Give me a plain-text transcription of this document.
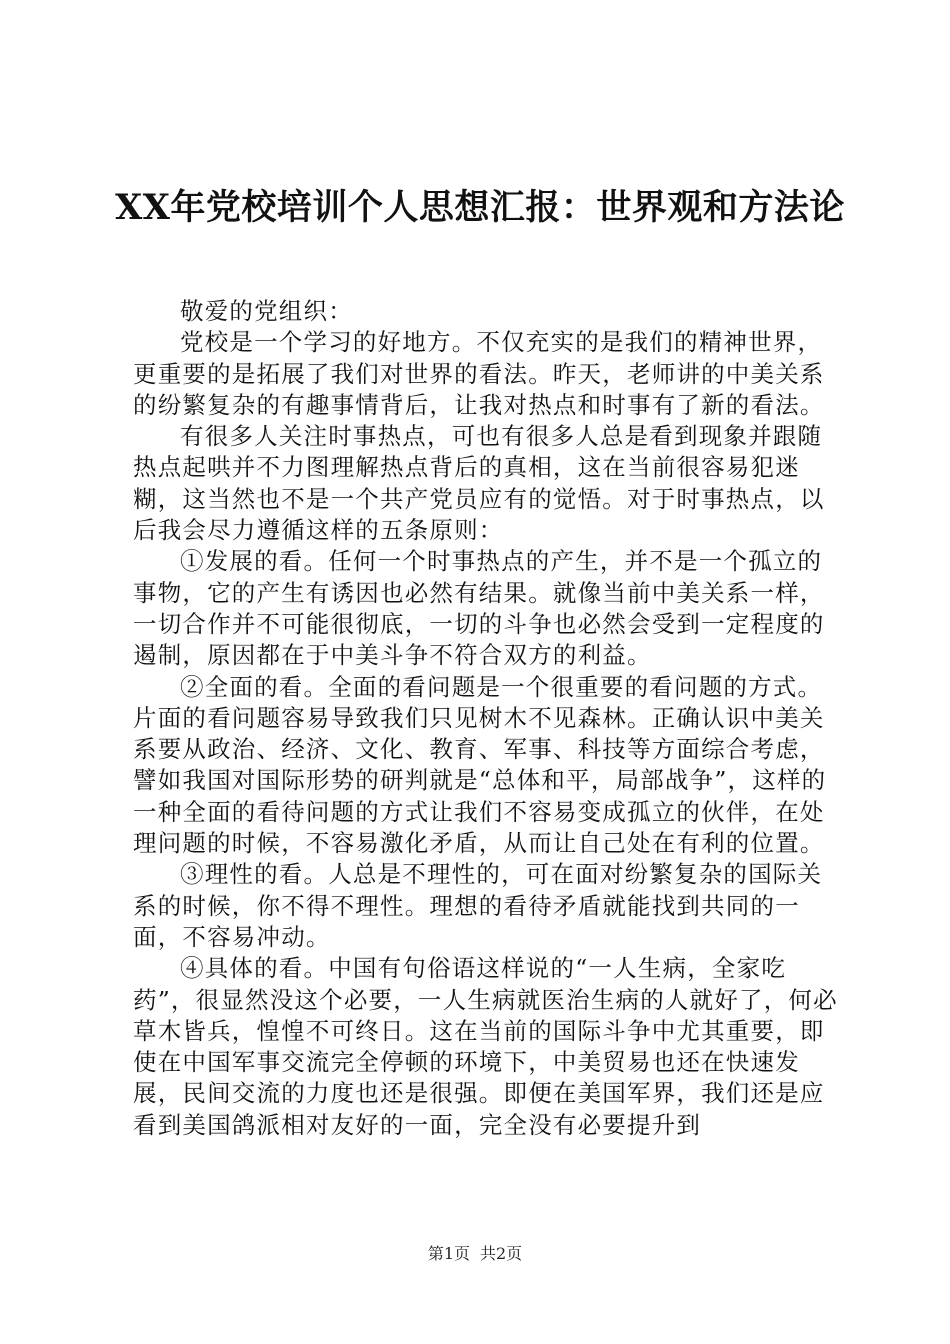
XX年党校培训个人思想汇报：世界观和方法论

敬爱的党组织：

党校是一个学习的好地方。不仅充实的是我们的精神世界，更重要的是拓展了我们对世界的看法。昨天，老师讲的中美关系的纷繁复杂的有趣事情背后，让我对热点和时事有了新的看法。

有很多人关注时事热点，可也有很多人总是看到现象并跟随热点起哄并不力图理解热点背后的真相，这在当前很容易犯迷糊，这当然也不是一个共产党员应有的觉悟。对于时事热点，以后我会尽力遵循这样的五条原则：

①发展的看。任何一个时事热点的产生，并不是一个孤立的事物，它的产生有诱因也必然有结果。就像当前中美关系一样，一切合作并不可能很彻底，一切的斗争也必然会受到一定程度的遏制，原因都在于中美斗争不符合双方的利益。

②全面的看。全面的看问题是一个很重要的看问题的方式。片面的看问题容易导致我们只见树木不见森林。正确认识中美关系要从政治、经济、文化、教育、军事、科技等方面综合考虑，譬如我国对国际形势的研判就是“总体和平，局部战争”，这样的一种全面的看待问题的方式让我们不容易变成孤立的伙伴，在处理问题的时候，不容易激化矛盾，从而让自己处在有利的位置。

③理性的看。人总是不理性的，可在面对纷繁复杂的国际关系的时候，你不得不理性。理想的看待矛盾就能找到共同的一面，不容易冲动。

④具体的看。中国有句俗语这样说的“一人生病，全家吃药”，很显然没这个必要，一人生病就医治生病的人就好了，何必草木皆兵，惶惶不可终日。这在当前的国际斗争中尤其重要，即使在中国军事交流完全停顿的环境下，中美贸易也还在快速发展，民间交流的力度也还是很强。即便在美国军界，我们还是应看到美国鸽派相对友好的一面，完全没有必要提升到

第1页 共2页
